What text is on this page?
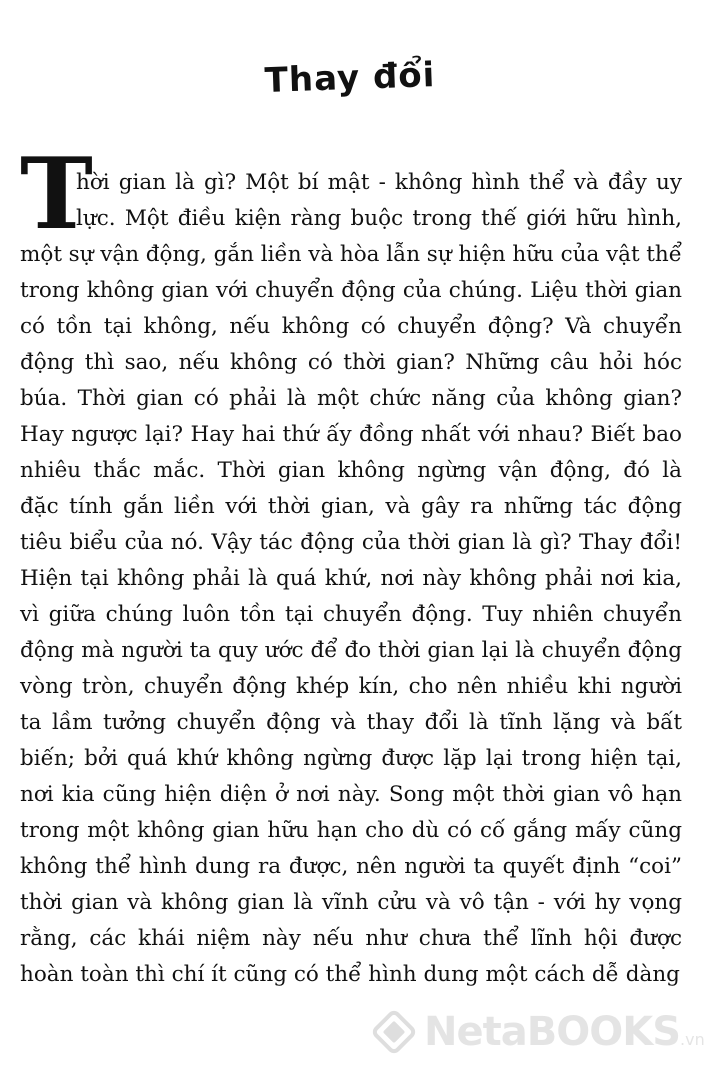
Thay đổi
T

hời gian là gì? Một bí mật - không hình thể và đầy uy

lực. Một điều kiện ràng buộc trong thế giới hữu hình,

một sự vận động, gắn liền và hòa lẫn sự hiện hữu của vật thể

trong không gian với chuyển động của chúng. Liệu thời gian

có tồn tại không, nếu không có chuyển động? Và chuyển

động thì sao, nếu không có thời gian? Những câu hỏi hóc

búa. Thời gian có phải là một chức năng của không gian?

Hay ngược lại? Hay hai thứ ấy đồng nhất với nhau? Biết bao

nhiêu thắc mắc. Thời gian không ngừng vận động, đó là

đặc tính gắn liền với thời gian, và gây ra những tác động

tiêu biểu của nó. Vậy tác động của thời gian là gì? Thay đổi!

Hiện tại không phải là quá khứ, nơi này không phải nơi kia,

vì giữa chúng luôn tồn tại chuyển động. Tuy nhiên chuyển

động mà người ta quy ước để đo thời gian lại là chuyển động

vòng tròn, chuyển động khép kín, cho nên nhiều khi người

ta lầm tưởng chuyển động và thay đổi là tĩnh lặng và bất

biến; bởi quá khứ không ngừng được lặp lại trong hiện tại,

nơi kia cũng hiện diện ở nơi này. Song một thời gian vô hạn

trong một không gian hữu hạn cho dù có cố gắng mấy cũng

không thể hình dung ra được, nên người ta quyết định “coi”

thời gian và không gian là vĩnh cửu và vô tận - với hy vọng

rằng, các khái niệm này nếu như chưa thể lĩnh hội được

hoàn toàn thì chí ít cũng có thể hình dung một cách dễ dàng

NetaBOOKS.vn
